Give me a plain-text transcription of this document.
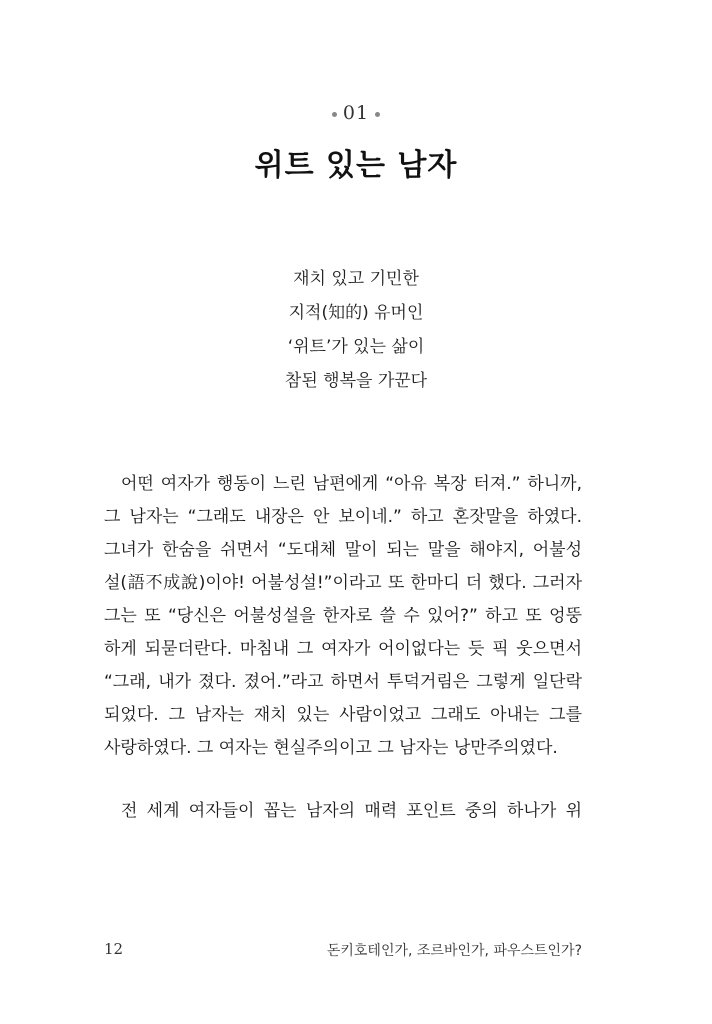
01
위트 있는 남자
재치 있고 기민한
지적(知的) 유머인
‘위트’가 있는 삶이
참된 행복을 가꾼다
어떤 여자가 행동이 느린 남편에게 “아유 복장 터져.” 하니까,
그 남자는 “그래도 내장은 안 보이네.” 하고 혼잣말을 하였다.
그녀가 한숨을 쉬면서 “도대체 말이 되는 말을 해야지, 어불성
설(語不成說)이야! 어불성설!”이라고 또 한마디 더 했다. 그러자
그는 또 “당신은 어불성설을 한자로 쓸 수 있어?” 하고 또 엉뚱
하게 되묻더란다. 마침내 그 여자가 어이없다는 듯 픽 웃으면서
“그래, 내가 졌다. 졌어.”라고 하면서 투덕거림은 그렇게 일단락
되었다. 그 남자는 재치 있는 사람이었고 그래도 아내는 그를
사랑하였다. 그 여자는 현실주의이고 그 남자는 낭만주의였다.
전 세계 여자들이 꼽는 남자의 매력 포인트 중의 하나가 위
12	돈키호테인가, 조르바인가, 파우스트인가?
